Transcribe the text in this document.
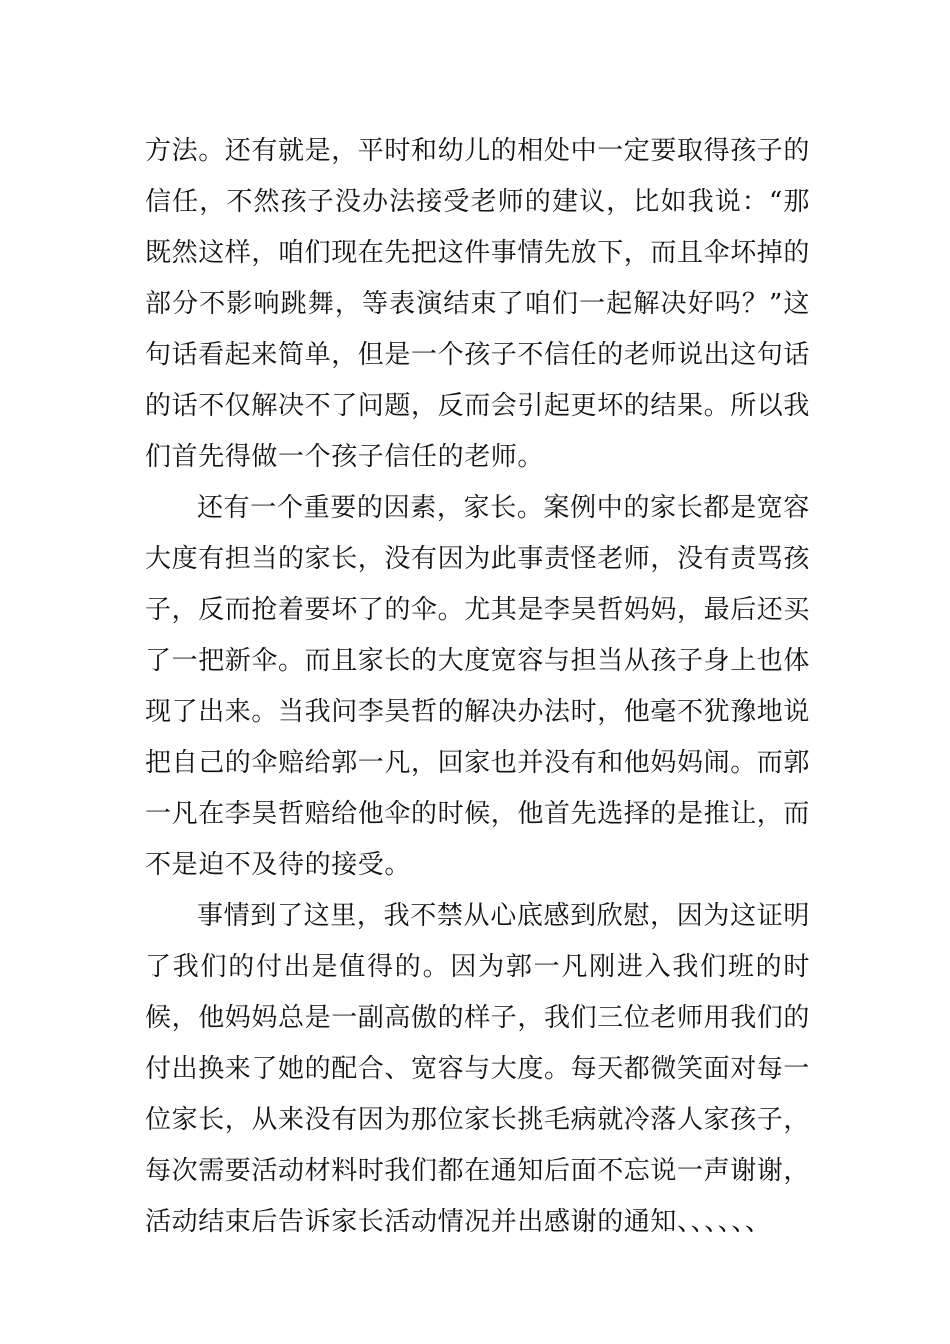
方法。还有就是，平时和幼儿的相处中一定要取得孩子的信任，不然孩子没办法接受老师的建议，比如我说：“那既然这样，咱们现在先把这件事情先放下，而且伞坏掉的部分不影响跳舞，等表演结束了咱们一起解决好吗？”这句话看起来简单，但是一个孩子不信任的老师说出这句话的话不仅解决不了问题，反而会引起更坏的结果。所以我们首先得做一个孩子信任的老师。

还有一个重要的因素，家长。案例中的家长都是宽容大度有担当的家长，没有因为此事责怪老师，没有责骂孩子，反而抢着要坏了的伞。尤其是李昊哲妈妈，最后还买了一把新伞。而且家长的大度宽容与担当从孩子身上也体现了出来。当我问李昊哲的解决办法时，他毫不犹豫地说把自己的伞赔给郭一凡，回家也并没有和他妈妈闹。而郭一凡在李昊哲赔给他伞的时候，他首先选择的是推让，而不是迫不及待的接受。

事情到了这里，我不禁从心底感到欣慰，因为这证明了我们的付出是值得的。因为郭一凡刚进入我们班的时候，他妈妈总是一副高傲的样子，我们三位老师用我们的付出换来了她的配合、宽容与大度。每天都微笑面对每一位家长，从来没有因为那位家长挑毛病就冷落人家孩子，每次需要活动材料时我们都在通知后面不忘说一声谢谢，活动结束后告诉家长活动情况并出感谢的通知、、、、、、
